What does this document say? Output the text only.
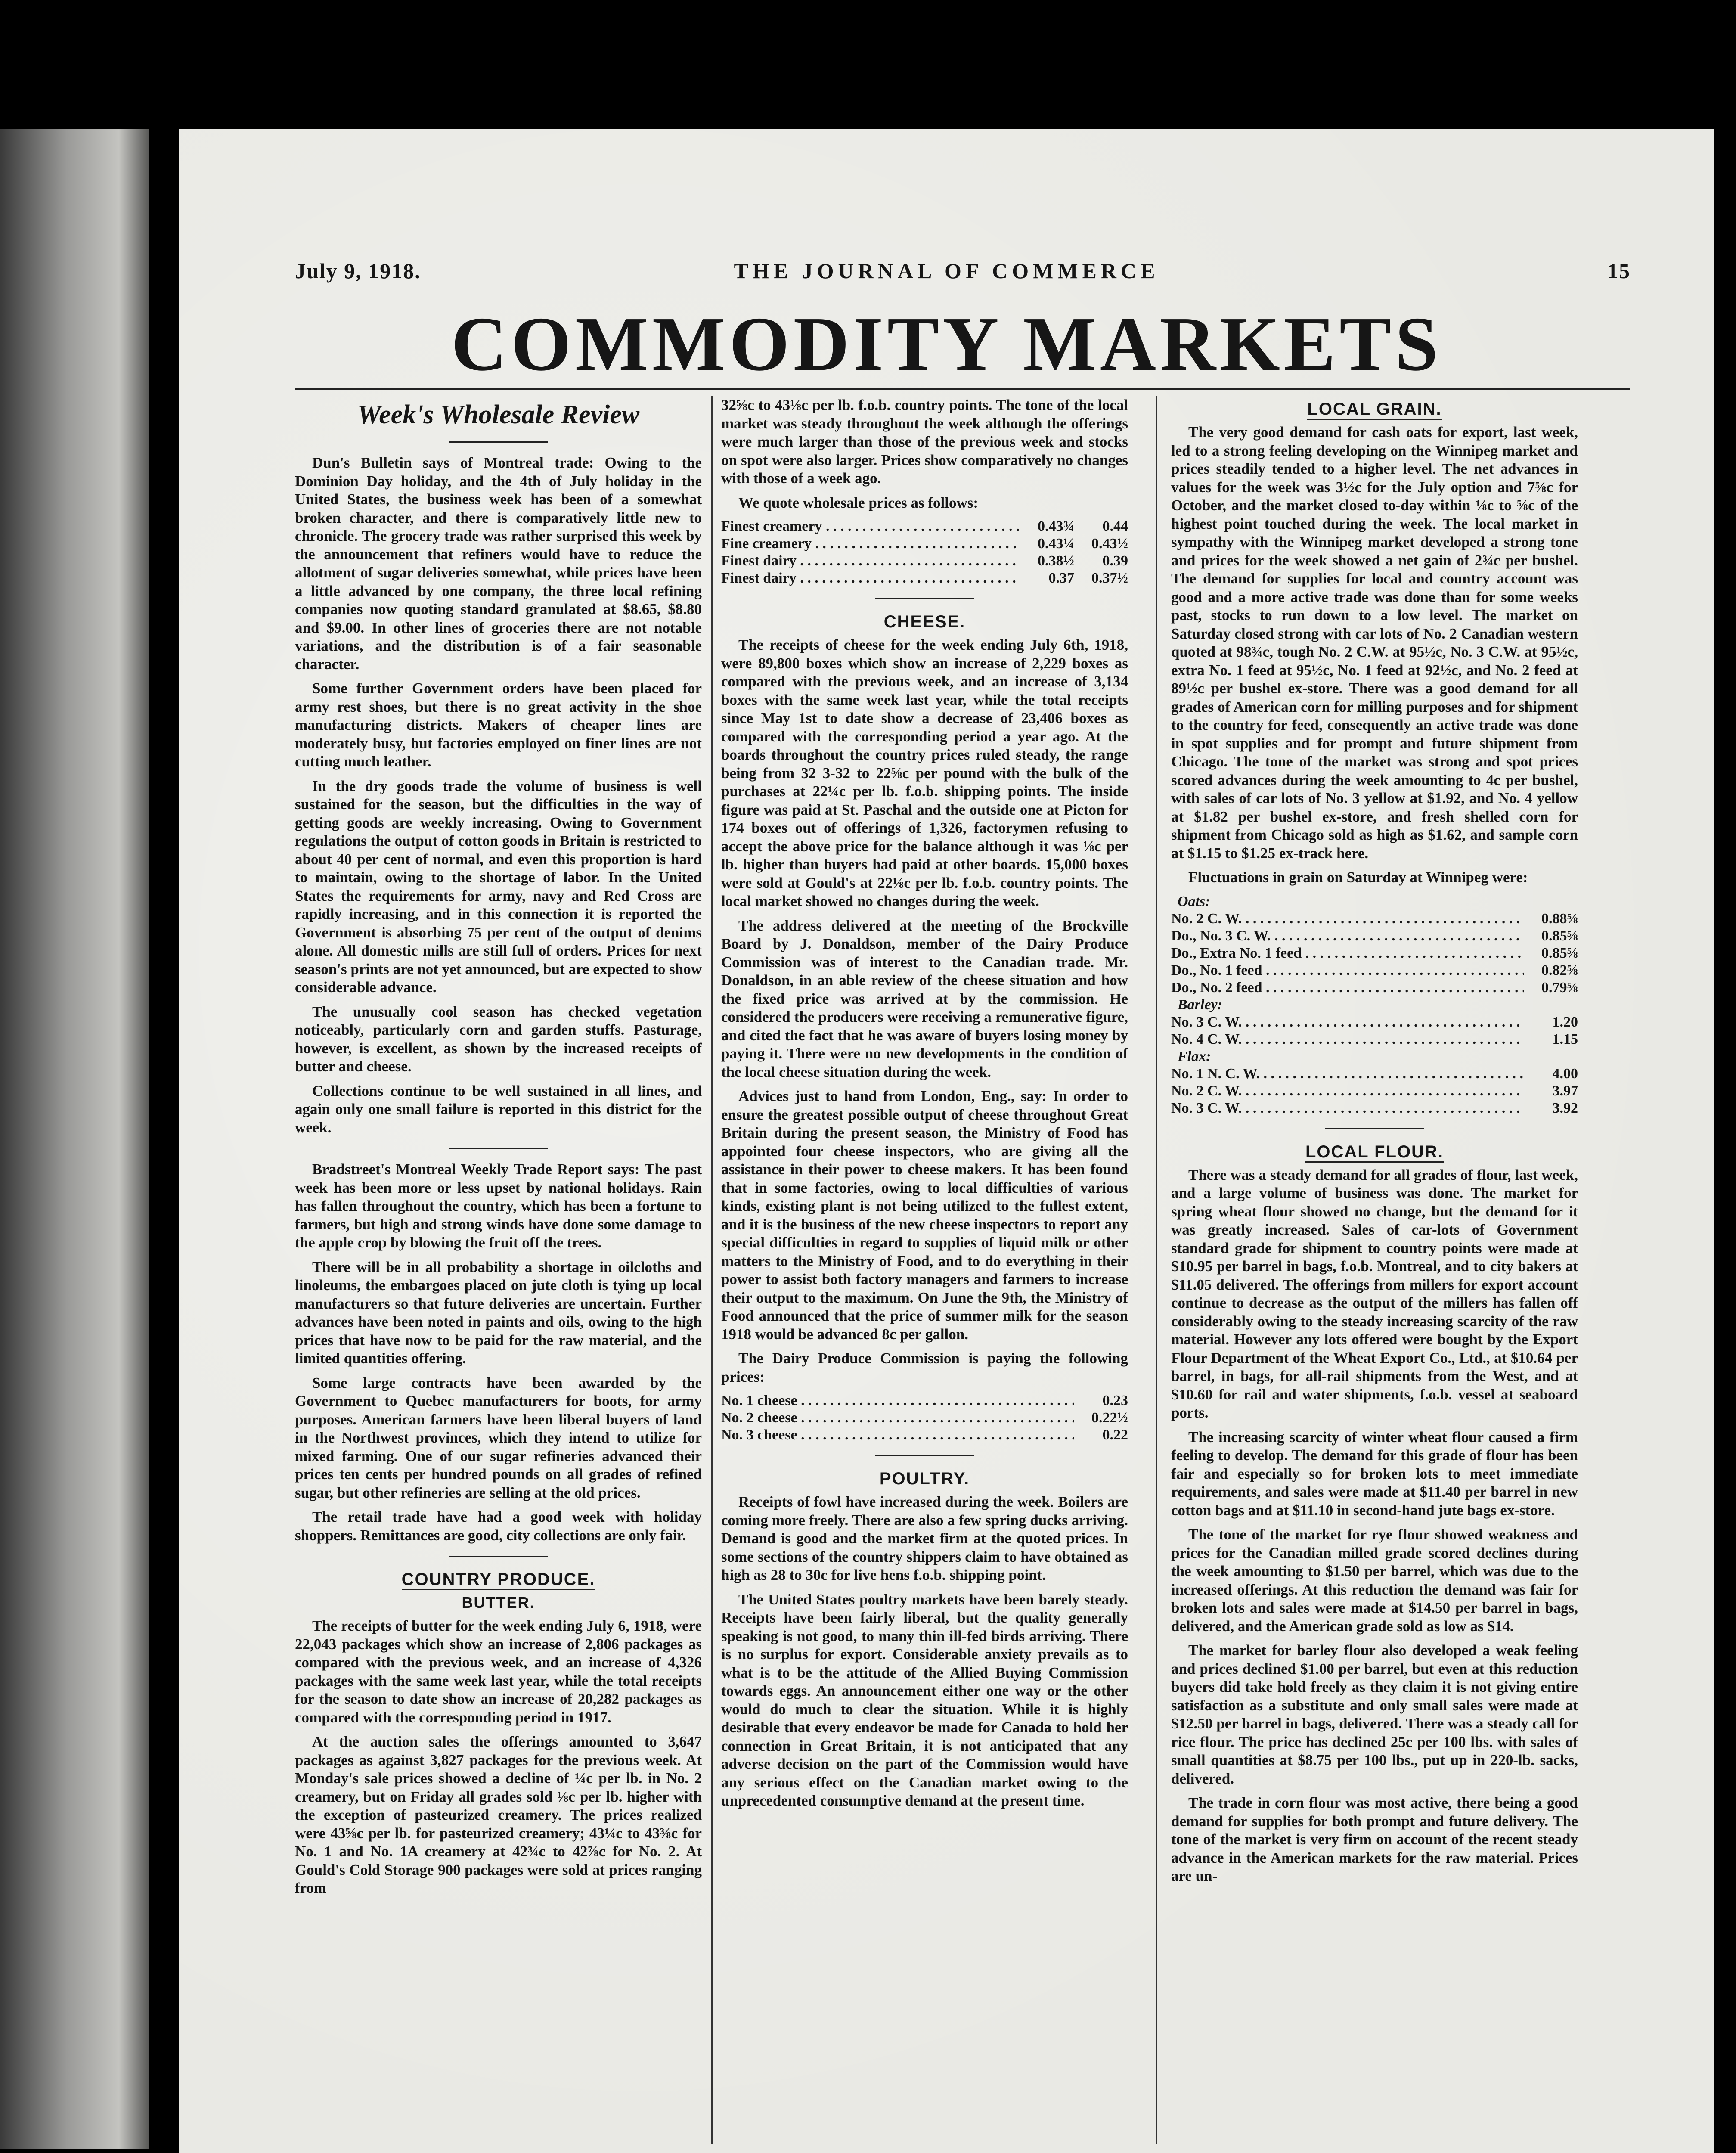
July 9, 1918.	THE JOURNAL OF COMMERCE	15
COMMODITY MARKETS
Week's Wholesale Review

Dun's Bulletin says of Montreal trade: Owing to the Dominion Day holiday, and the 4th of July holiday in the United States, the business week has been of a somewhat broken character, and there is comparatively little new to chronicle. The grocery trade was rather surprised this week by the announcement that refiners would have to reduce the allotment of sugar deliveries somewhat, while prices have been a little advanced by one company, the three local refining companies now quoting standard granulated at $8.65, $8.80 and $9.00. In other lines of groceries there are not notable variations, and the distribution is of a fair seasonable character.

Some further Government orders have been placed for army rest shoes, but there is no great activity in the shoe manufacturing districts. Makers of cheaper lines are moderately busy, but factories employed on finer lines are not cutting much leather.

In the dry goods trade the volume of business is well sustained for the season, but the difficulties in the way of getting goods are weekly increasing. Owing to Government regulations the output of cotton goods in Britain is restricted to about 40 per cent of normal, and even this proportion is hard to maintain, owing to the shortage of labor. In the United States the requirements for army, navy and Red Cross are rapidly increasing, and in this connection it is reported the Government is absorbing 75 per cent of the output of denims alone. All domestic mills are still full of orders. Prices for next season's prints are not yet announced, but are expected to show considerable advance.

The unusually cool season has checked vegetation noticeably, particularly corn and garden stuffs. Pasturage, however, is excellent, as shown by the increased receipts of butter and cheese.

Collections continue to be well sustained in all lines, and again only one small failure is reported in this district for the week.

Bradstreet's Montreal Weekly Trade Report says: The past week has been more or less upset by national holidays. Rain has fallen throughout the country, which has been a fortune to farmers, but high and strong winds have done some damage to the apple crop by blowing the fruit off the trees.

There will be in all probability a shortage in oilcloths and linoleums, the embargoes placed on jute cloth is tying up local manufacturers so that future deliveries are uncertain. Further advances have been noted in paints and oils, owing to the high prices that have now to be paid for the raw material, and the limited quantities offering.

Some large contracts have been awarded by the Government to Quebec manufacturers for boots, for army purposes. American farmers have been liberal buyers of land in the Northwest provinces, which they intend to utilize for mixed farming. One of our sugar refineries advanced their prices ten cents per hundred pounds on all grades of refined sugar, but other refineries are selling at the old prices.

The retail trade have had a good week with holiday shoppers. Remittances are good, city collections are only fair.

COUNTRY PRODUCE.
BUTTER.

The receipts of butter for the week ending July 6, 1918, were 22,043 packages which show an increase of 2,806 packages as compared with the previous week, and an increase of 4,326 packages with the same week last year, while the total receipts for the season to date show an increase of 20,282 packages as compared with the corresponding period in 1917.

At the auction sales the offerings amounted to 3,647 packages as against 3,827 packages for the previous week. At Monday's sale prices showed a decline of ¼c per lb. in No. 2 creamery, but on Friday all grades sold ⅛c per lb. higher with the exception of pasteurized creamery. The prices realized were 43⅝c per lb. for pasteurized creamery; 43¼c to 43⅜c for No. 1 and No. 1A creamery at 42¾c to 42⅞c for No. 2. At Gould's Cold Storage 900 packages were sold at prices ranging from

32⅝c to 43⅛c per lb. f.o.b. country points. The tone of the local market was steady throughout the week although the offerings were much larger than those of the previous week and stocks on spot were also larger. Prices show comparatively no changes with those of a week ago.

We quote wholesale prices as follows:

Finest creamery . . .	0.43¾	0.44
Fine creamery . . .	0.43¼	0.43½
Finest dairy . . .	0.38½	0.39
Finest dairy . . .	0.37	0.37½
CHEESE.

The receipts of cheese for the week ending July 6th, 1918, were 89,800 boxes which show an increase of 2,229 boxes as compared with the previous week, and an increase of 3,134 boxes with the same week last year, while the total receipts since May 1st to date show a decrease of 23,406 boxes as compared with the corresponding period a year ago. At the boards throughout the country prices ruled steady, the range being from 32 3-32 to 22⅝c per pound with the bulk of the purchases at 22¼c per lb. f.o.b. shipping points. The inside figure was paid at St. Paschal and the outside one at Picton for 174 boxes out of offerings of 1,326, factorymen refusing to accept the above price for the balance although it was ⅛c per lb. higher than buyers had paid at other boards. 15,000 boxes were sold at Gould's at 22⅛c per lb. f.o.b. country points. The local market showed no changes during the week.

The address delivered at the meeting of the Brockville Board by J. Donaldson, member of the Dairy Produce Commission was of interest to the Canadian trade. Mr. Donaldson, in an able review of the cheese situation and how the fixed price was arrived at by the commission. He considered the producers were receiving a remunerative figure, and cited the fact that he was aware of buyers losing money by paying it. There were no new developments in the condition of the local cheese situation during the week.

Advices just to hand from London, Eng., say: In order to ensure the greatest possible output of cheese throughout Great Britain during the present season, the Ministry of Food has appointed four cheese inspectors, who are giving all the assistance in their power to cheese makers. It has been found that in some factories, owing to local difficulties of various kinds, existing plant is not being utilized to the fullest extent, and it is the business of the new cheese inspectors to report any special difficulties in regard to supplies of liquid milk or other matters to the Ministry of Food, and to do everything in their power to assist both factory managers and farmers to increase their output to the maximum. On June the 9th, the Ministry of Food announced that the price of summer milk for the season 1918 would be advanced 8c per gallon.

The Dairy Produce Commission is paying the following prices:

No. 1 cheese . . .	0.23
No. 2 cheese . . .	0.22½
No. 3 cheese . . .	0.22
POULTRY.

Receipts of fowl have increased during the week. Boilers are coming more freely. There are also a few spring ducks arriving. Demand is good and the market firm at the quoted prices. In some sections of the country shippers claim to have obtained as high as 28 to 30c for live hens f.o.b. shipping point.

The United States poultry markets have been barely steady. Receipts have been fairly liberal, but the quality generally speaking is not good, to many thin ill-fed birds arriving. There is no surplus for export. Considerable anxiety prevails as to what is to be the attitude of the Allied Buying Commission towards eggs. An announcement either one way or the other would do much to clear the situation. While it is highly desirable that every endeavor be made for Canada to hold her connection in Great Britain, it is not anticipated that any adverse decision on the part of the Commission would have any serious effect on the Canadian market owing to the unprecedented consumptive demand at the present time.

LOCAL GRAIN.

The very good demand for cash oats for export, last week, led to a strong feeling developing on the Winnipeg market and prices steadily tended to a higher level. The net advances in values for the week was 3½c for the July option and 7⅝c for October, and the market closed to-day within ⅛c to ⅝c of the highest point touched during the week. The local market in sympathy with the Winnipeg market developed a strong tone and prices for the week showed a net gain of 2¾c per bushel. The demand for supplies for local and country account was good and a more active trade was done than for some weeks past, stocks to run down to a low level. The market on Saturday closed strong with car lots of No. 2 Canadian western quoted at 98¾c, tough No. 2 C.W. at 95½c, No. 3 C.W. at 95½c, extra No. 1 feed at 95½c, No. 1 feed at 92½c, and No. 2 feed at 89½c per bushel ex-store. There was a good demand for all grades of American corn for milling purposes and for shipment to the country for feed, consequently an active trade was done in spot supplies and for prompt and future shipment from Chicago. The tone of the market was strong and spot prices scored advances during the week amounting to 4c per bushel, with sales of car lots of No. 3 yellow at $1.92, and No. 4 yellow at $1.82 per bushel ex-store, and fresh shelled corn for shipment from Chicago sold as high as $1.62, and sample corn at $1.15 to $1.25 ex-track here.

Fluctuations in grain on Saturday at Winnipeg were:

Oats:	
No. 2 C. W. . . .	0.88⅝
Do., No. 3 C. W. . . .	0.85⅝
Do., Extra No. 1 feed . . .	0.85⅝
Do., No. 1 feed . . .	0.82⅝
Do., No. 2 feed . . .	0.79⅝
Barley:	
No. 3 C. W. . . .	1.20
No. 4 C. W. . . .	1.15
Flax:	
No. 1 N. C. W. . . .	4.00
No. 2 C. W. . . .	3.97
No. 3 C. W. . . .	3.92
LOCAL FLOUR.

There was a steady demand for all grades of flour, last week, and a large volume of business was done. The market for spring wheat flour showed no change, but the demand for it was greatly increased. Sales of car-lots of Government standard grade for shipment to country points were made at $10.95 per barrel in bags, f.o.b. Montreal, and to city bakers at $11.05 delivered. The offerings from millers for export account continue to decrease as the output of the millers has fallen off considerably owing to the steady increasing scarcity of the raw material. However any lots offered were bought by the Export Flour Department of the Wheat Export Co., Ltd., at $10.64 per barrel, in bags, for all-rail shipments from the West, and at $10.60 for rail and water shipments, f.o.b. vessel at seaboard ports.

The increasing scarcity of winter wheat flour caused a firm feeling to develop. The demand for this grade of flour has been fair and especially so for broken lots to meet immediate requirements, and sales were made at $11.40 per barrel in new cotton bags and at $11.10 in second-hand jute bags ex-store.

The tone of the market for rye flour showed weakness and prices for the Canadian milled grade scored declines during the week amounting to $1.50 per barrel, which was due to the increased offerings. At this reduction the demand was fair for broken lots and sales were made at $14.50 per barrel in bags, delivered, and the American grade sold as low as $14.

The market for barley flour also developed a weak feeling and prices declined $1.00 per barrel, but even at this reduction buyers did take hold freely as they claim it is not giving entire satisfaction as a substitute and only small sales were made at $12.50 per barrel in bags, delivered. There was a steady call for rice flour. The price has declined 25c per 100 lbs. with sales of small quantities at $8.75 per 100 lbs., put up in 220-lb. sacks, delivered.

The trade in corn flour was most active, there being a good demand for supplies for both prompt and future delivery. The tone of the market is very firm on account of the recent steady advance in the American markets for the raw material. Prices are un-
